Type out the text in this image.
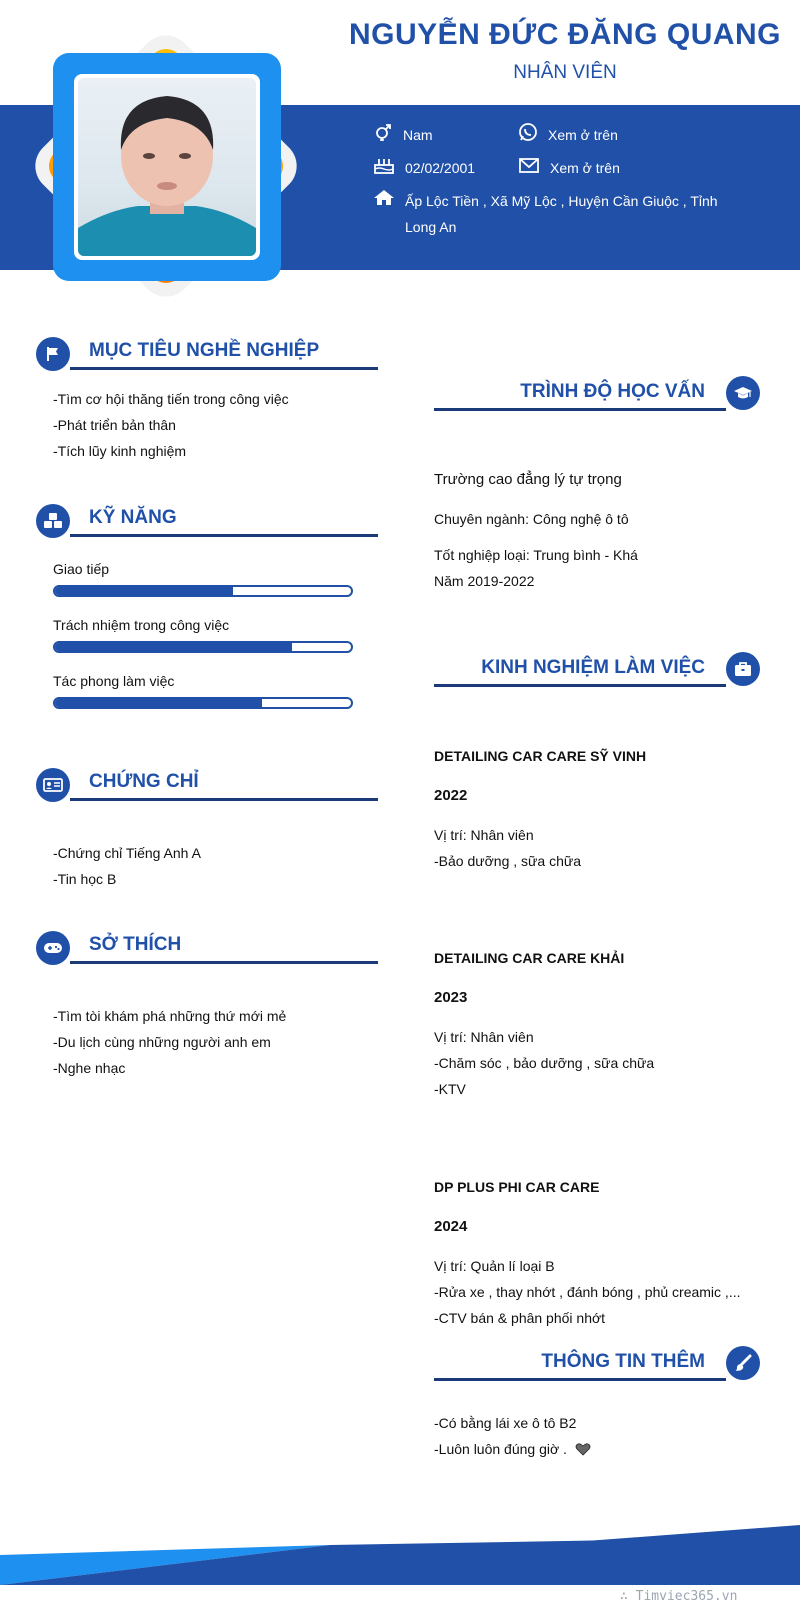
NGUYỄN ĐỨC ĐĂNG QUANG
NHÂN VIÊN
Nam	Xem ở trên
02/02/2001	Xem ở trên
Ấp Lộc Tiền , Xã Mỹ Lộc , Huyện Cần Giuộc , Tỉnh
Long An
MỤC TIÊU NGHỀ NGHIỆP
-Tìm cơ hội thăng tiến trong công việc
-Phát triển bản thân
-Tích lũy kinh nghiệm
KỸ NĂNG
Giao tiếp
Trách nhiệm trong công việc
Tác phong làm việc
CHỨNG CHỈ
-Chứng chỉ Tiếng Anh A
-Tin học B
SỞ THÍCH
-Tìm tòi khám phá những thứ mới mẻ
-Du lịch cùng những người anh em
-Nghe nhạc
TRÌNH ĐỘ HỌC VẤN
Trường cao đẳng lý tự trọng
Chuyên ngành: Công nghệ ô tô
Tốt nghiệp loại: Trung bình - Khá
Năm 2019-2022
KINH NGHIỆM LÀM VIỆC
DETAILING CAR CARE SỸ VINH
2022
Vị trí: Nhân viên
-Bảo dưỡng , sữa chữa
DETAILING CAR CARE KHẢI
2023
Vị trí: Nhân viên
-Chăm sóc , bảo dưỡng , sữa chữa
-KTV
DP PLUS PHI CAR CARE
2024
Vị trí: Quản lí loại B
-Rửa xe , thay nhớt , đánh bóng , phủ creamic ,...
-CTV bán & phân phối nhớt
THÔNG TIN THÊM
-Có bằng lái xe ô tô B2
-Luôn luôn đúng giờ .
∴ Timviec365.vn
